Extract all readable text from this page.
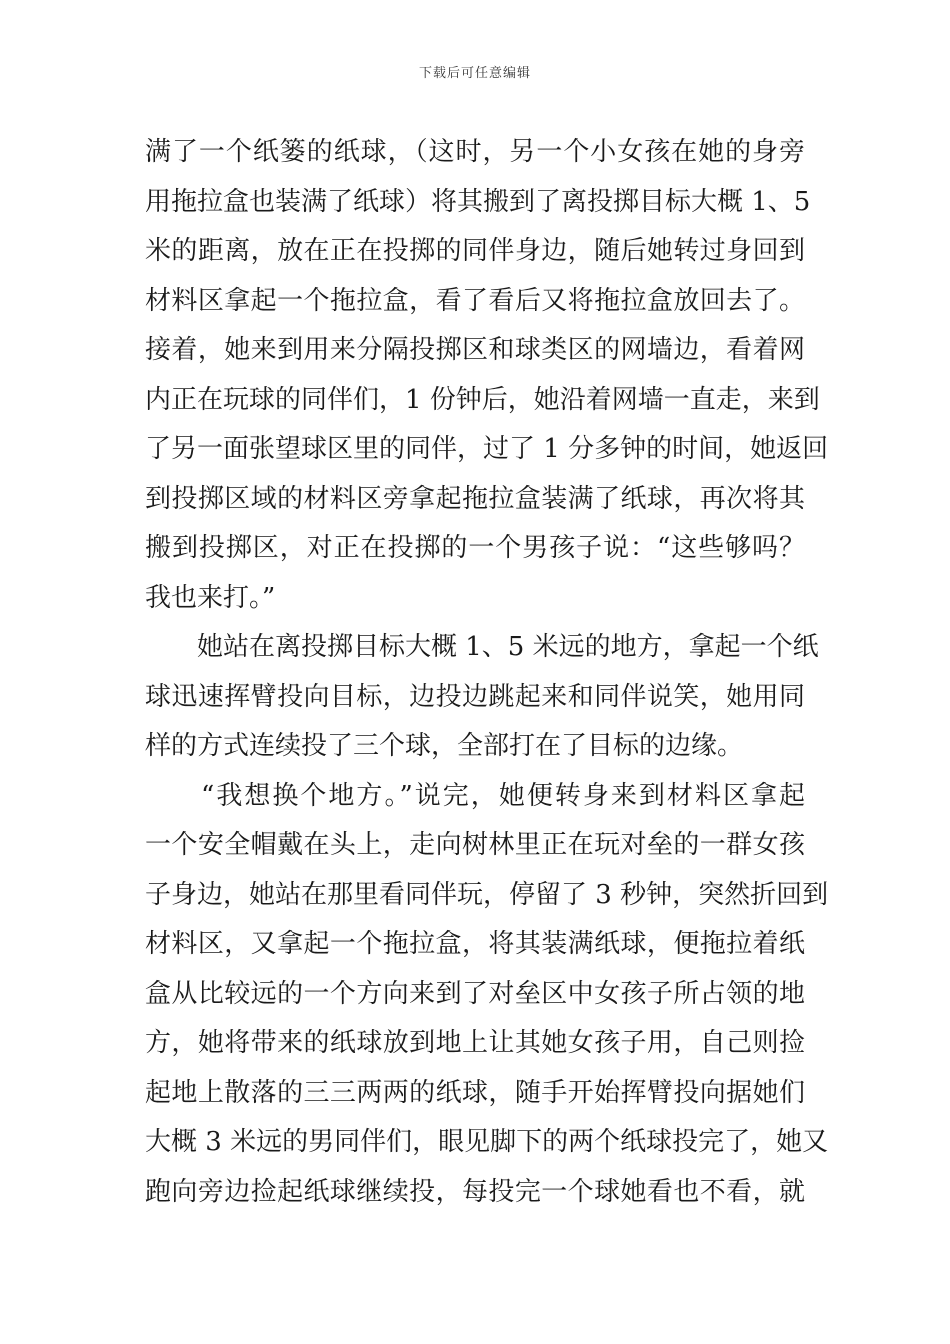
下载后可任意编辑
满了一个纸篓的纸球，（这时，另一个小女孩在她的身旁
用拖拉盒也装满了纸球）将其搬到了离投掷目标大概 1、5
米的距离，放在正在投掷的同伴身边，随后她转过身回到
材料区拿起一个拖拉盒，看了看后又将拖拉盒放回去了。
接着，她来到用来分隔投掷区和球类区的网墙边，看着网
内正在玩球的同伴们，1 份钟后，她沿着网墙一直走，来到
了另一面张望球区里的同伴，过了 1 分多钟的时间，她返回
到投掷区域的材料区旁拿起拖拉盒装满了纸球，再次将其
搬到投掷区，对正在投掷的一个男孩子说：“这些够吗？
我也来打。”
　　她站在离投掷目标大概 1、5 米远的地方，拿起一个纸
球迅速挥臂投向目标，边投边跳起来和同伴说笑，她用同
样的方式连续投了三个球，全部打在了目标的边缘。
　　“我想换个地方。”说完，她便转身来到材料区拿起
一个安全帽戴在头上，走向树林里正在玩对垒的一群女孩
子身边，她站在那里看同伴玩，停留了 3 秒钟，突然折回到
材料区，又拿起一个拖拉盒，将其装满纸球，便拖拉着纸
盒从比较远的一个方向来到了对垒区中女孩子所占领的地
方，她将带来的纸球放到地上让其她女孩子用，自己则捡
起地上散落的三三两两的纸球，随手开始挥臂投向据她们
大概 3 米远的男同伴们，眼见脚下的两个纸球投完了，她又
跑向旁边捡起纸球继续投，每投完一个球她看也不看，就
